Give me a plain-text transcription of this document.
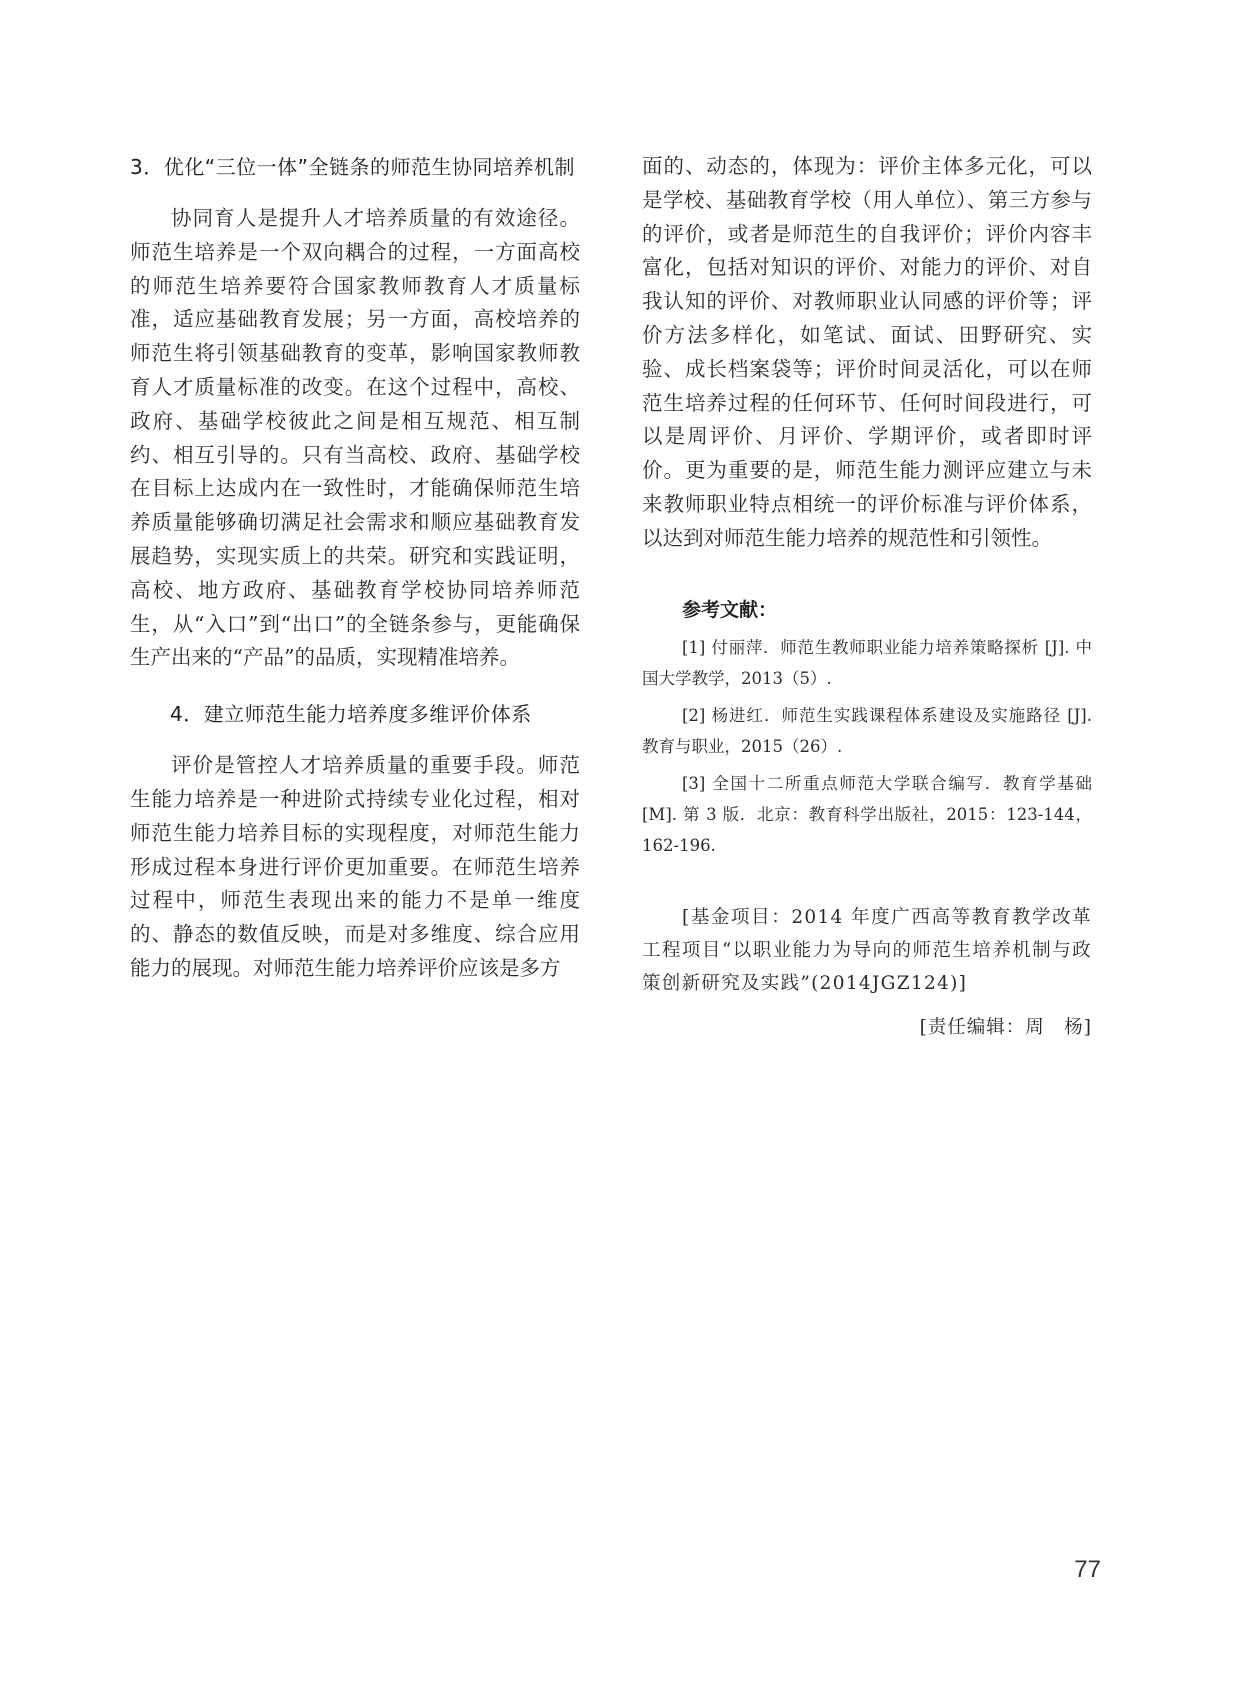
3．优化“三位一体”全链条的师范生协同培养机制

协同育人是提升人才培养质量的有效途径。师范生培养是一个双向耦合的过程，一方面高校的师范生培养要符合国家教师教育人才质量标准，适应基础教育发展；另一方面，高校培养的师范生将引领基础教育的变革，影响国家教师教育人才质量标准的改变。在这个过程中，高校、政府、基础学校彼此之间是相互规范、相互制约、相互引导的。只有当高校、政府、基础学校在目标上达成内在一致性时，才能确保师范生培养质量能够确切满足社会需求和顺应基础教育发展趋势，实现实质上的共荣。研究和实践证明，高校、地方政府、基础教育学校协同培养师范生，从“入口”到“出口”的全链条参与，更能确保生产出来的“产品”的品质，实现精准培养。

4．建立师范生能力培养度多维评价体系

评价是管控人才培养质量的重要手段。师范生能力培养是一种进阶式持续专业化过程，相对师范生能力培养目标的实现程度，对师范生能力形成过程本身进行评价更加重要。在师范生培养过程中，师范生表现出来的能力不是单一维度的、静态的数值反映，而是对多维度、综合应用能力的展现。对师范生能力培养评价应该是多方

面的、动态的，体现为：评价主体多元化，可以是学校、基础教育学校（用人单位）、第三方参与的评价，或者是师范生的自我评价；评价内容丰富化，包括对知识的评价、对能力的评价、对自我认知的评价、对教师职业认同感的评价等；评价方法多样化，如笔试、面试、田野研究、实验、成长档案袋等；评价时间灵活化，可以在师范生培养过程的任何环节、任何时间段进行，可以是周评价、月评价、学期评价，或者即时评价。更为重要的是，师范生能力测评应建立与未来教师职业特点相统一的评价标准与评价体系，以达到对师范生能力培养的规范性和引领性。

参考文献：

[1] 付丽萍．师范生教师职业能力培养策略探析 [J]. 中国大学教学，2013（5）.

[2] 杨进红．师范生实践课程体系建设及实施路径 [J]. 教育与职业，2015（26）.

[3] 全国十二所重点师范大学联合编写．教育学基础 [M]. 第 3 版．北京：教育科学出版社，2015：123-144，162-196.

[基金项目：2014 年度广西高等教育教学改革工程项目“以职业能力为导向的师范生培养机制与政策创新研究及实践”(2014JGZ124)]

[责任编辑：周　杨]

77
